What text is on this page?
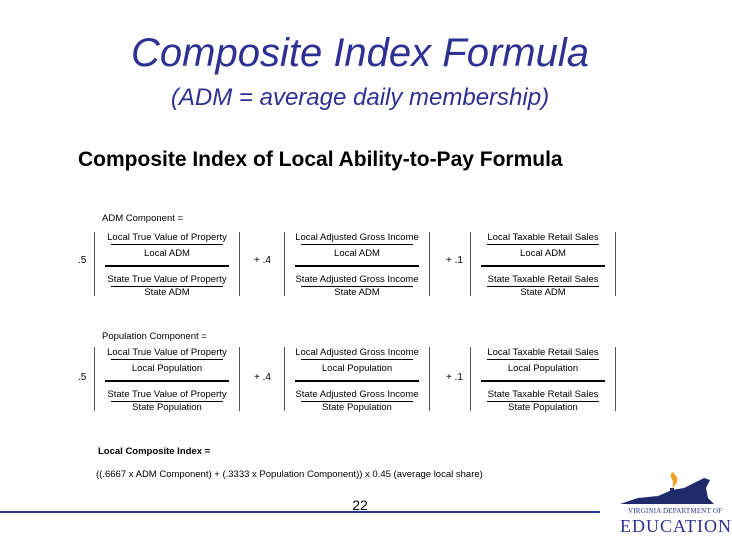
Composite Index Formula
(ADM = average daily membership)
Composite Index of Local Ability-to-Pay Formula
ADM Component =
.5	+ .4	+ .1
Local True Value of Property
Local ADM
State True Value of Property
State ADM
Local Adjusted Gross Income
Local ADM
State Adjusted Gross Income
State ADM
Local Taxable Retail Sales
Local ADM
State Taxable Retail Sales
State ADM
Population Component =
.5	+ .4	+ .1
Local True Value of Property
Local Population
State True Value of Property
State Population
Local Adjusted Gross Income
Local Population
State Adjusted Gross Income
State Population
Local Taxable Retail Sales
Local Population
State Taxable Retail Sales
State Population
Local Composite Index =
((.6667 x ADM Component) + (.3333 x Population Component)) x 0.45 (average local share)
22	VIRGINIA DEPARTMENT OF
EDUCATION
